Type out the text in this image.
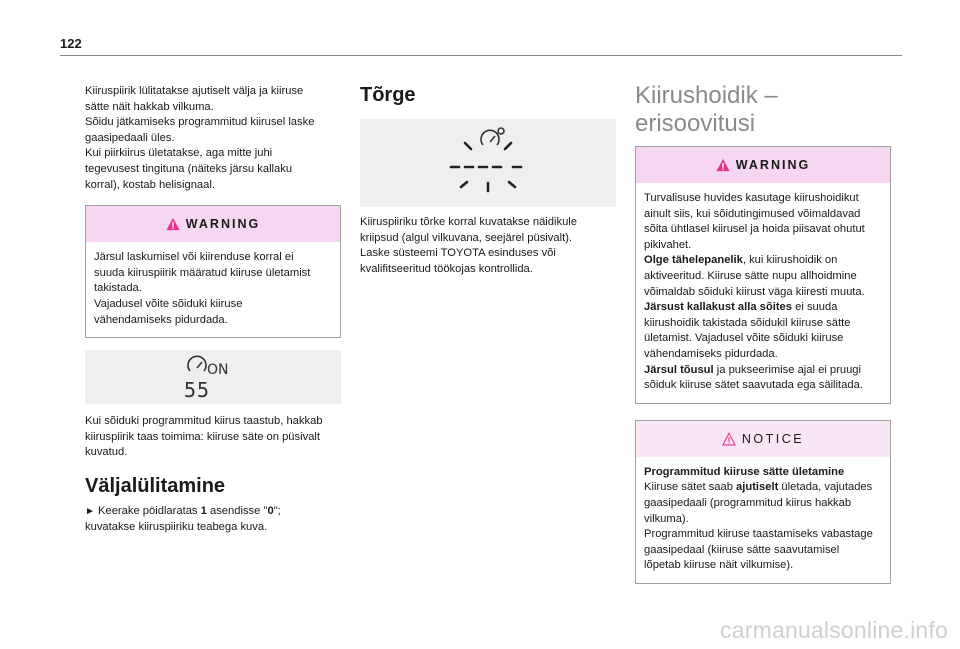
122

Kiiruspiirik lülitatakse ajutiselt välja ja kiiruse

sätte näit hakkab vilkuma.

Sõidu jätkamiseks programmitud kiirusel laske

gaasipedaali üles.

Kui piirkiirus ületatakse, aga mitte juhi

tegevusest tingituna (näiteks järsu kallaku

korral), kostab helisignaal.

WARNING

Järsul laskumisel või kiirenduse korral ei

suuda kiiruspiirik määratud kiiruse ületamist

takistada.

Vajadusel võite sõiduki kiiruse

vähendamiseks pidurdada.

ON
55

Kui sõiduki programmitud kiirus taastub, hakkab

kiiruspiirik taas toimima: kiiruse säte on püsivalt

kuvatud.

Väljalülitamine

► Keerake pöidlaratas 1 asendisse "0";

kuvatakse kiiruspiiriku teabega kuva.

Tõrge

Kiiruspiiriku tõrke korral kuvatakse näidikule

kriipsud (algul vilkuvana, seejärel püsivalt).

Laske süsteemi TOYOTA esinduses või

kvalifitseeritud töökojas kontrollida.

Kiirushoidik – erisoovitusi
WARNING

Turvalisuse huvides kasutage kiirushoidikut

ainult siis, kui sõidutingimused võimaldavad

sõita ühtlasel kiirusel ja hoida piisavat ohutut

pikivahet.

Olge tähelepanelik, kui kiirushoidik on

aktiveeritud. Kiiruse sätte nupu allhoidmine

võimaldab sõiduki kiirust väga kiiresti muuta.

Järsust kallakust alla sõites ei suuda

kiirushoidik takistada sõidukil kiiruse sätte

ületamist. Vajadusel võite sõiduki kiiruse

vähendamiseks pidurdada.

Järsul tõusul ja pukseerimise ajal ei pruugi

sõiduk kiiruse sätet saavutada ega säilitada.

NOTICE

Programmitud kiiruse sätte ületamine

Kiiruse sätet saab ajutiselt ületada, vajutades

gaasipedaali (programmitud kiirus hakkab

vilkuma).

Programmitud kiiruse taastamiseks vabastage

gaasipedaal (kiiruse sätte saavutamisel

lõpetab kiiruse näit vilkumise).

carmanualsonline.info
